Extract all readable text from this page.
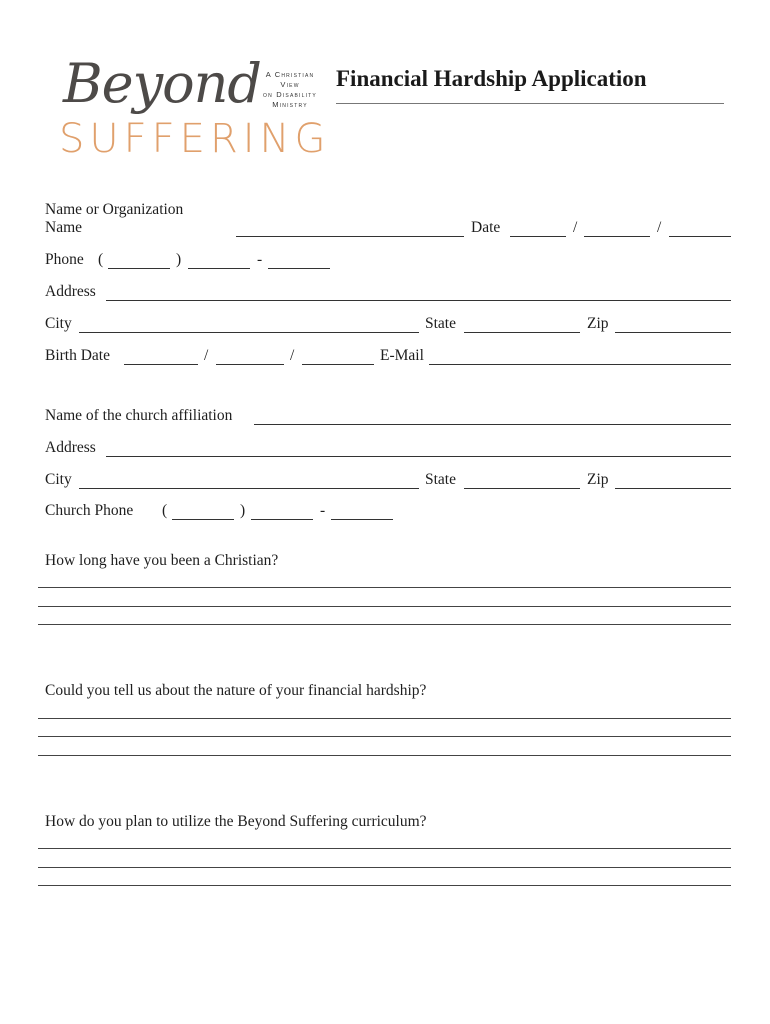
Beyond A Christian
View
on Disability
Ministry
SUFFERING
Financial Hardship Application
Name or Organization
Name	Date	/	/
Phone (	)	-
Address
City	State	Zip
Birth Date	/	/	E-Mail
Name of the church affiliation
Address
City	State	Zip
Church Phone (	)	-
How long have you been a Christian?
Could you tell us about the nature of your financial hardship?
How do you plan to utilize the Beyond Suffering curriculum?
